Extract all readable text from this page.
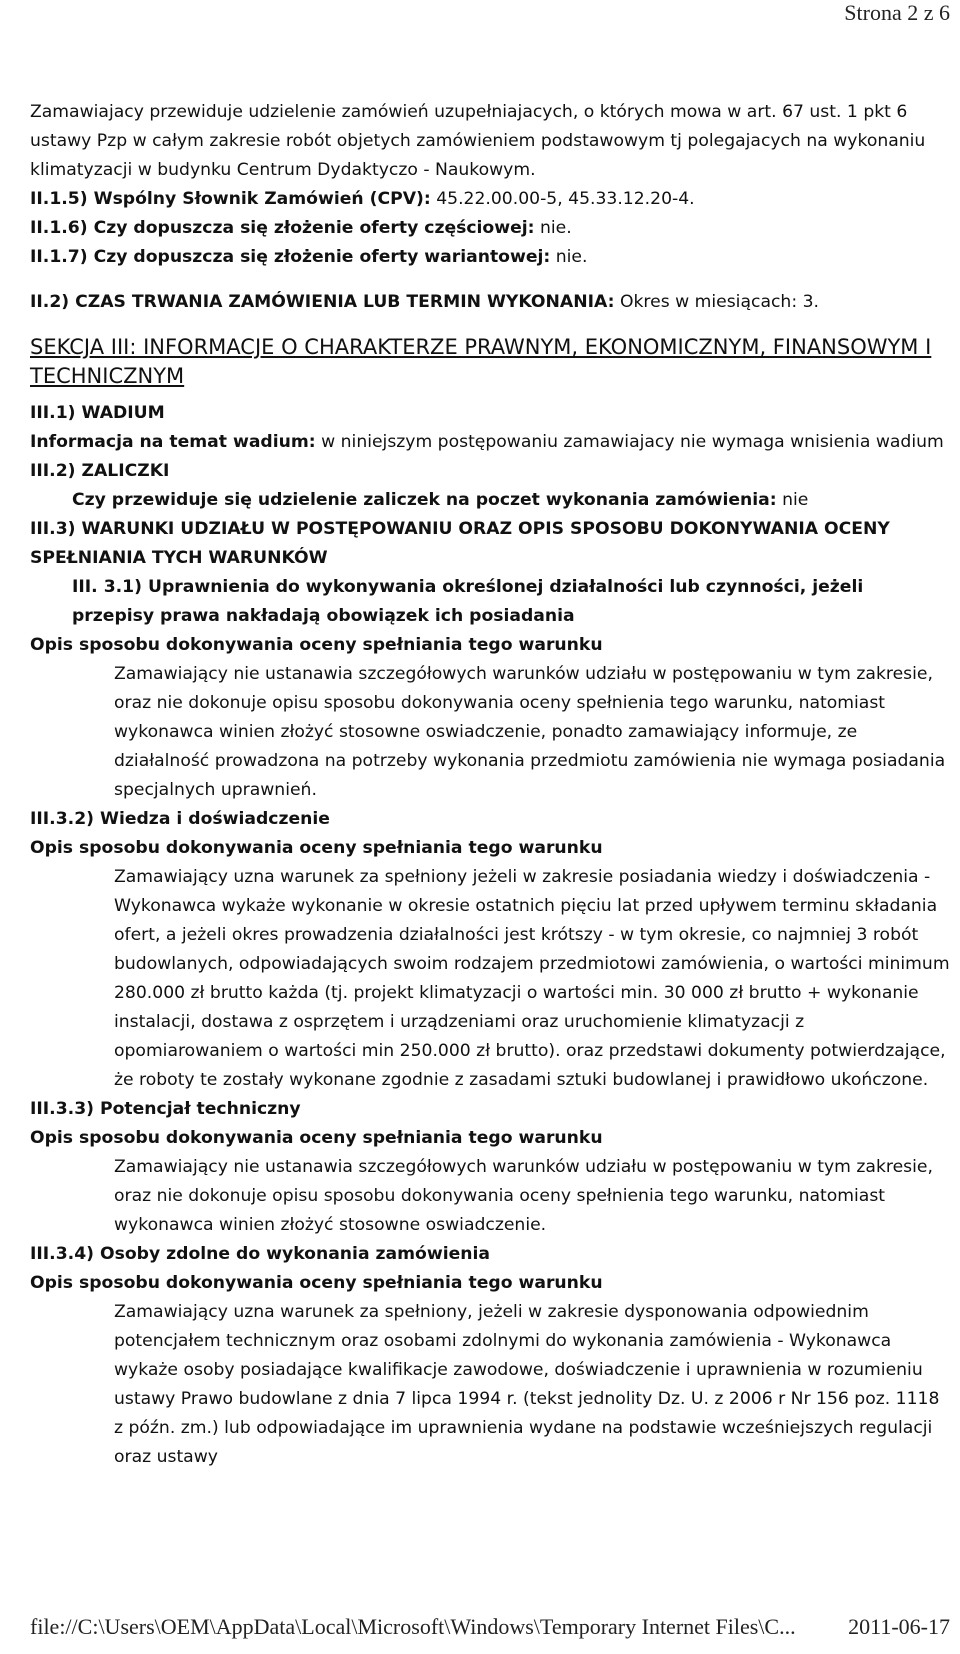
Strona 2 z 6

Zamawiajacy przewiduje udzielenie zamówień uzupełniajacych, o których mowa w art. 67 ust. 1 pkt 6 ustawy Pzp w całym zakresie robót objetych zamówieniem podstawowym tj polegajacych na wykonaniu klimatyzacji w budynku Centrum Dydaktyczo - Naukowym.

II.1.5) Wspólny Słownik Zamówień (CPV): 45.22.00.00-5, 45.33.12.20-4.

II.1.6) Czy dopuszcza się złożenie oferty częściowej: nie.

II.1.7) Czy dopuszcza się złożenie oferty wariantowej: nie.

II.2) CZAS TRWANIA ZAMÓWIENIA LUB TERMIN WYKONANIA: Okres w miesiącach: 3.

SEKCJA III: INFORMACJE O CHARAKTERZE PRAWNYM, EKONOMICZNYM, FINANSOWYM I TECHNICZNYM

III.1) WADIUM

Informacja na temat wadium: w niniejszym postępowaniu zamawiajacy nie wymaga wnisienia wadium

III.2) ZALICZKI

Czy przewiduje się udzielenie zaliczek na poczet wykonania zamówienia: nie

III.3) WARUNKI UDZIAŁU W POSTĘPOWANIU ORAZ OPIS SPOSOBU DOKONYWANIA OCENY SPEŁNIANIA TYCH WARUNKÓW

III. 3.1) Uprawnienia do wykonywania określonej działalności lub czynności, jeżeli przepisy prawa nakładają obowiązek ich posiadania

Opis sposobu dokonywania oceny spełniania tego warunku

Zamawiający nie ustanawia szczegółowych warunków udziału w postępowaniu w tym zakresie, oraz nie dokonuje opisu sposobu dokonywania oceny spełnienia tego warunku, natomiast wykonawca winien złożyć stosowne oswiadczenie, ponadto zamawiający informuje, ze działalność prowadzona na potrzeby wykonania przedmiotu zamówienia nie wymaga posiadania specjalnych uprawnień.

III.3.2) Wiedza i doświadczenie

Opis sposobu dokonywania oceny spełniania tego warunku

Zamawiający uzna warunek za spełniony jeżeli w zakresie posiadania wiedzy i doświadczenia - Wykonawca wykaże wykonanie w okresie ostatnich pięciu lat przed upływem terminu składania ofert, a jeżeli okres prowadzenia działalności jest krótszy - w tym okresie, co najmniej 3 robót budowlanych, odpowiadających swoim rodzajem przedmiotowi zamówienia, o wartości minimum 280.000 zł brutto każda (tj. projekt klimatyzacji o wartości min. 30 000 zł brutto + wykonanie instalacji, dostawa z osprzętem i urządzeniami oraz uruchomienie klimatyzacji z opomiarowaniem o wartości min 250.000 zł brutto). oraz przedstawi dokumenty potwierdzające, że roboty te zostały wykonane zgodnie z zasadami sztuki budowlanej i prawidłowo ukończone.

III.3.3) Potencjał techniczny

Opis sposobu dokonywania oceny spełniania tego warunku

Zamawiający nie ustanawia szczegółowych warunków udziału w postępowaniu w tym zakresie, oraz nie dokonuje opisu sposobu dokonywania oceny spełnienia tego warunku, natomiast wykonawca winien złożyć stosowne oswiadczenie.

III.3.4) Osoby zdolne do wykonania zamówienia

Opis sposobu dokonywania oceny spełniania tego warunku

Zamawiający uzna warunek za spełniony, jeżeli w zakresie dysponowania odpowiednim potencjałem technicznym oraz osobami zdolnymi do wykonania zamówienia - Wykonawca wykaże osoby posiadające kwalifikacje zawodowe, doświadczenie i uprawnienia w rozumieniu ustawy Prawo budowlane z dnia 7 lipca 1994 r. (tekst jednolity Dz. U. z 2006 r Nr 156 poz. 1118 z późn. zm.) lub odpowiadające im uprawnienia wydane na podstawie wcześniejszych regulacji oraz ustawy

file://C:\Users\OEM\AppData\Local\Microsoft\Windows\Temporary Internet Files\C... 2011-06-17
